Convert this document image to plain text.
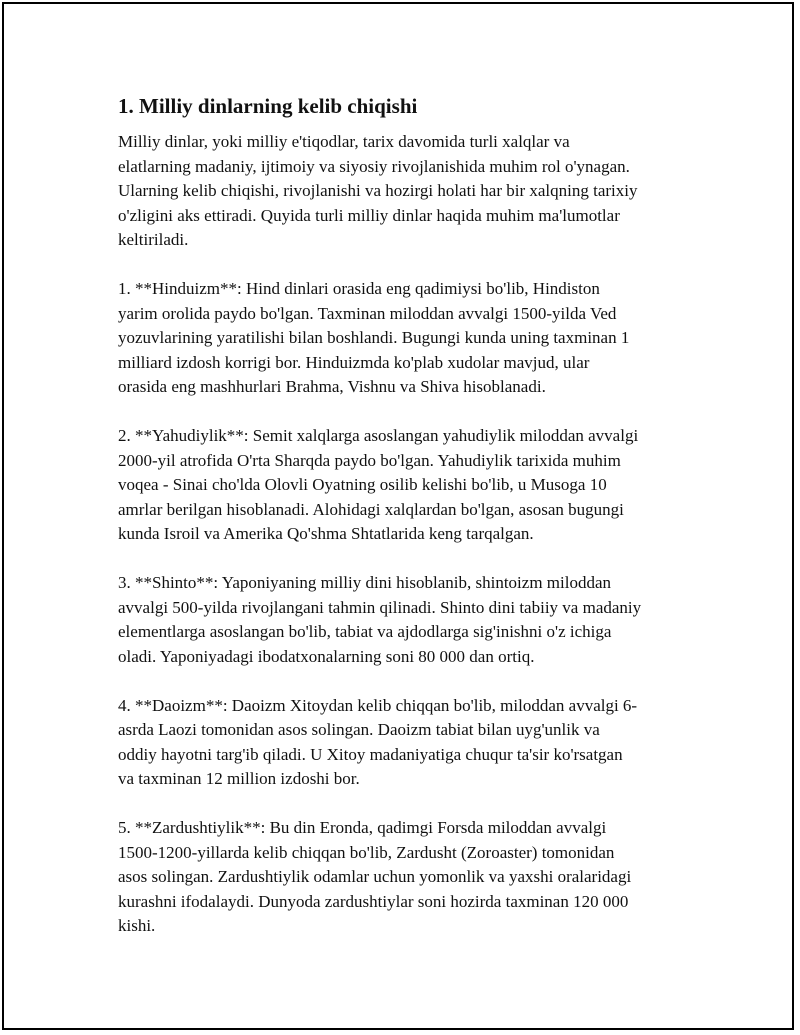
1. Milliy dinlarning kelib chiqishi

Milliy dinlar, yoki milliy e'tiqodlar, tarix davomida turli xalqlar va
elatlarning madaniy, ijtimoiy va siyosiy rivojlanishida muhim rol o'ynagan.
Ularning kelib chiqishi, rivojlanishi va hozirgi holati har bir xalqning tarixiy
o'zligini aks ettiradi. Quyida turli milliy dinlar haqida muhim ma'lumotlar
keltiriladi.

1. **Hinduizm**: Hind dinlari orasida eng qadimiysi bo'lib, Hindiston
yarim orolida paydo bo'lgan. Taxminan miloddan avvalgi 1500-yilda Ved
yozuvlarining yaratilishi bilan boshlandi. Bugungi kunda uning taxminan 1
milliard izdosh korrigi bor. Hinduizmda ko'plab xudolar mavjud, ular
orasida eng mashhurlari Brahma, Vishnu va Shiva hisoblanadi.

2. **Yahudiylik**: Semit xalqlarga asoslangan yahudiylik miloddan avvalgi
2000-yil atrofida O'rta Sharqda paydo bo'lgan. Yahudiylik tarixida muhim
voqea - Sinai cho'lda Olovli Oyatning osilib kelishi bo'lib, u Musoga 10
amrlar berilgan hisoblanadi. Alohidagi xalqlardan bo'lgan, asosan bugungi
kunda Isroil va Amerika Qo'shma Shtatlarida keng tarqalgan.

3. **Shinto**: Yaponiyaning milliy dini hisoblanib, shintoizm miloddan
avvalgi 500-yilda rivojlangani tahmin qilinadi. Shinto dini tabiiy va madaniy
elementlarga asoslangan bo'lib, tabiat va ajdodlarga sig'inishni o'z ichiga
oladi. Yaponiyadagi ibodatxonalarning soni 80 000 dan ortiq.

4. **Daoizm**: Daoizm Xitoydan kelib chiqqan bo'lib, miloddan avvalgi 6-
asrda Laozi tomonidan asos solingan. Daoizm tabiat bilan uyg'unlik va
oddiy hayotni targ'ib qiladi. U Xitoy madaniyatiga chuqur ta'sir ko'rsatgan
va taxminan 12 million izdoshi bor.

5. **Zardushtiylik**: Bu din Eronda, qadimgi Forsda miloddan avvalgi
1500-1200-yillarda kelib chiqqan bo'lib, Zardusht (Zoroaster) tomonidan
asos solingan. Zardushtiylik odamlar uchun yomonlik va yaxshi oralaridagi
kurashni ifodalaydi. Dunyoda zardushtiylar soni hozirda taxminan 120 000
kishi.
